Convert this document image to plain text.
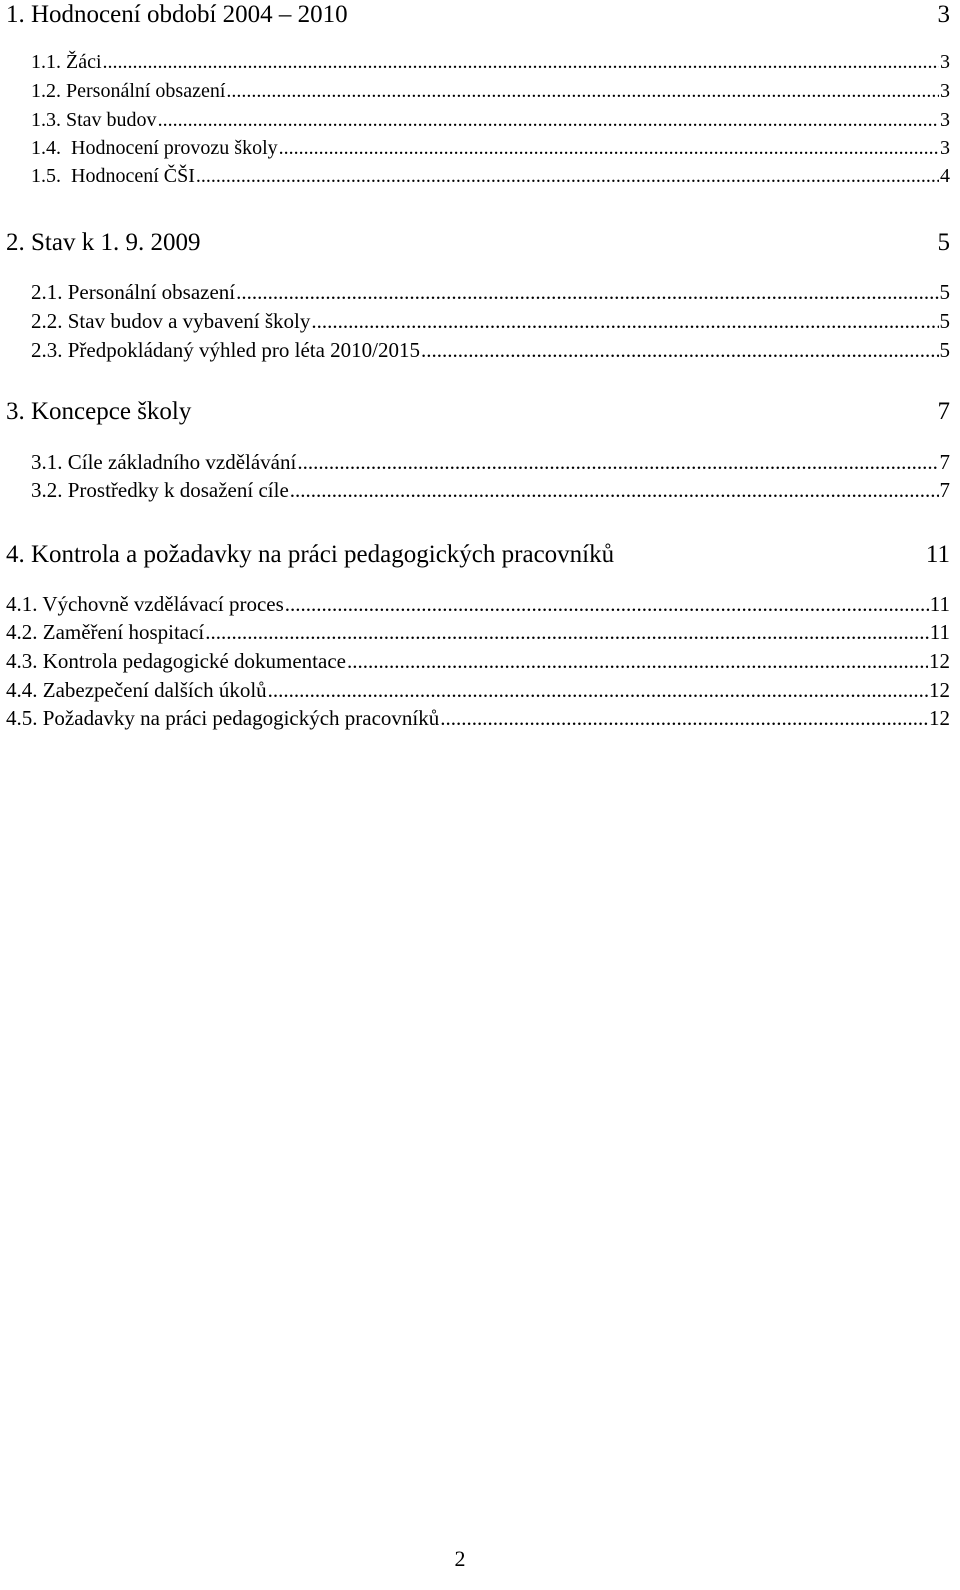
1. Hodnocení období 2004 – 2010	3
1.1. Žáci .....	3
1.2. Personální obsazení .....	3
1.3. Stav budov .....	3
1.4.  Hodnocení provozu školy .....	3
1.5.  Hodnocení ČŠI .....	4
2. Stav k 1. 9. 2009	5
2.1. Personální obsazení .....	5
2.2. Stav budov a vybavení školy .....	5
2.3. Předpokládaný výhled pro léta 2010/2015 .....	5
3. Koncepce školy	7
3.1. Cíle základního vzdělávání .....	7
3.2. Prostředky k dosažení cíle .....	7
4. Kontrola a požadavky na práci pedagogických pracovníků	11
4.1. Výchovně vzdělávací proces .....	11
4.2. Zaměření hospitací .....	11
4.3. Kontrola pedagogické dokumentace .....	12
4.4. Zabezpečení dalších úkolů .....	12
4.5. Požadavky na práci pedagogických pracovníků .....	12
2
